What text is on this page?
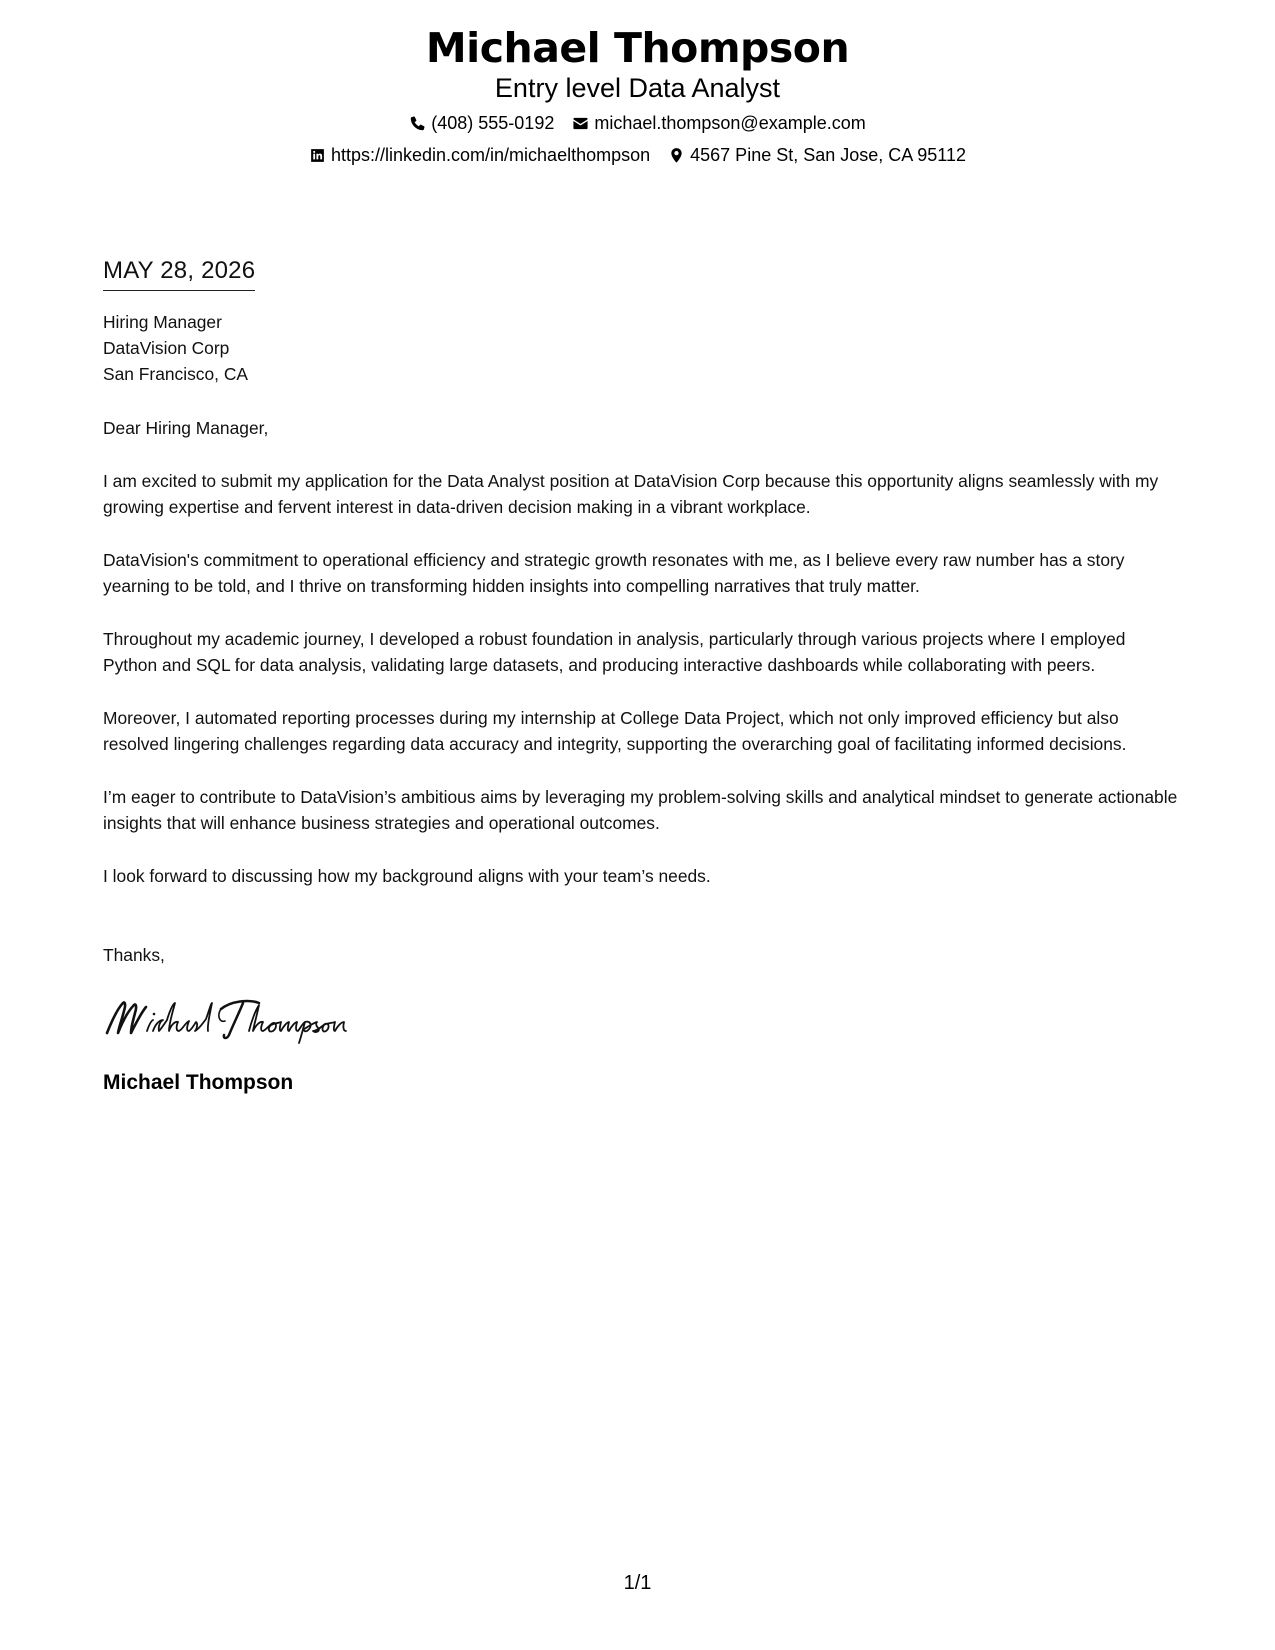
Michael Thompson
Entry level Data Analyst
(408) 555-0192 michael.thompson@example.com
https://linkedin.com/in/michaelthompson 4567 Pine St, San Jose, CA 95112
MAY 28, 2026
Hiring Manager
DataVision Corp
San Francisco, CA
Dear Hiring Manager,

I am excited to submit my application for the Data Analyst position at DataVision Corp because this opportunity aligns seamlessly with my growing expertise and fervent interest in data-driven decision making in a vibrant workplace.

DataVision's commitment to operational efficiency and strategic growth resonates with me, as I believe every raw number has a story yearning to be told, and I thrive on transforming hidden insights into compelling narratives that truly matter.

Throughout my academic journey, I developed a robust foundation in analysis, particularly through various projects where I employed Python and SQL for data analysis, validating large datasets, and producing interactive dashboards while collaborating with peers.

Moreover, I automated reporting processes during my internship at College Data Project, which not only improved efficiency but also resolved lingering challenges regarding data accuracy and integrity, supporting the overarching goal of facilitating informed decisions.

I’m eager to contribute to DataVision’s ambitious aims by leveraging my problem-solving skills and analytical mindset to generate actionable insights that will enhance business strategies and operational outcomes.

I look forward to discussing how my background aligns with your team’s needs.

Thanks,
Michael Thompson
1/1
